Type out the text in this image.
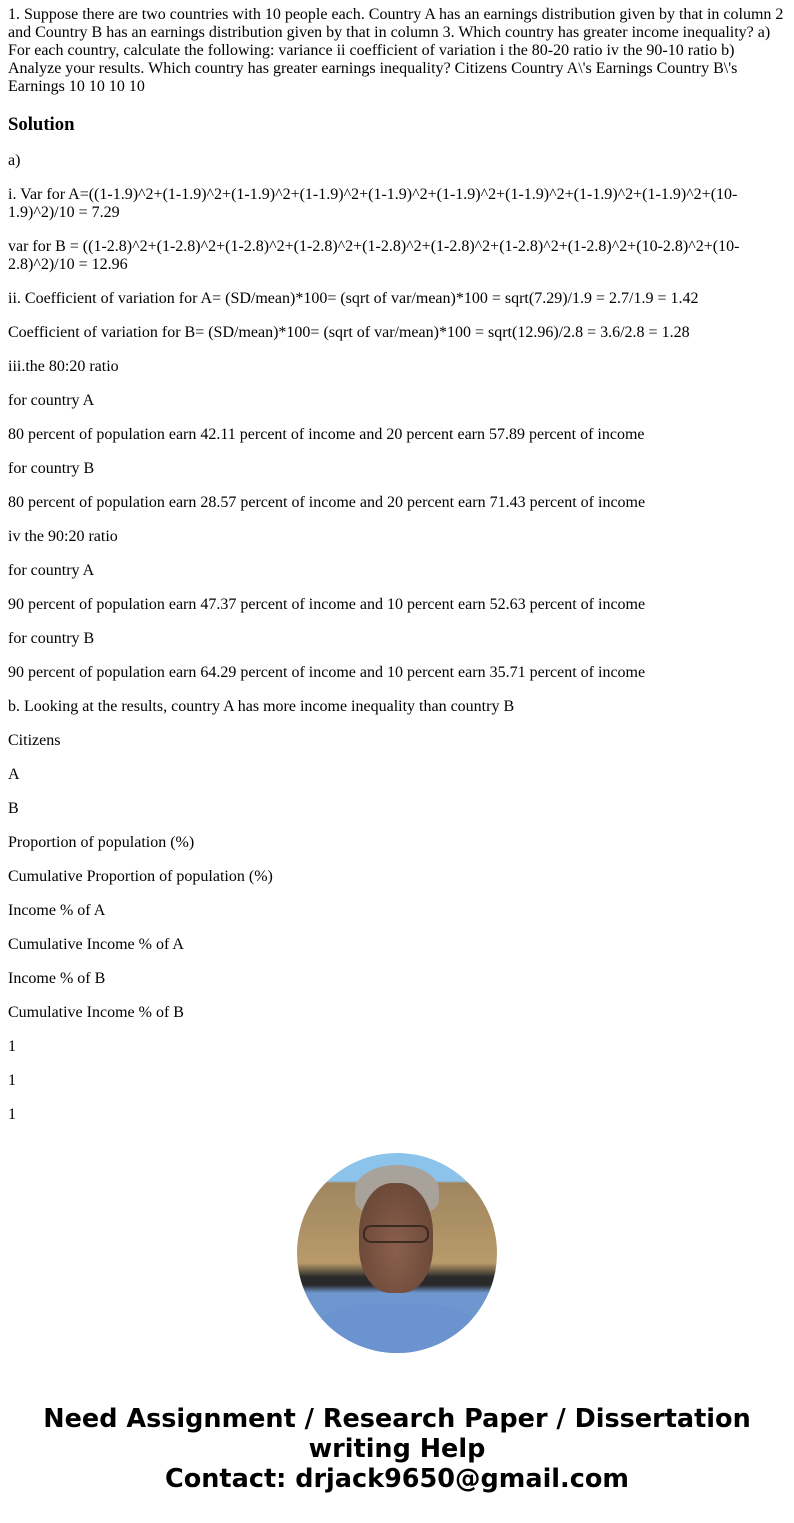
1. Suppose there are two countries with 10 people each. Country A has an earnings distribution given by that in column 2 and Country B has an earnings distribution given by that in column 3. Which country has greater income inequality? a) For each country, calculate the following: variance ii coefficient of variation i the 80-20 ratio iv the 90-10 ratio b) Analyze your results. Which country has greater earnings inequality? Citizens Country A\'s Earnings Country B\'s Earnings 10 10 10 10

Solution

a)

i. Var for A=((1-1.9)^2+(1-1.9)^2+(1-1.9)^2+(1-1.9)^2+(1-1.9)^2+(1-1.9)^2+(1-1.9)^2+(1-1.9)^2+(1-1.9)^2+(10-1.9)^2)/10 = 7.29

var for B = ((1-2.8)^2+(1-2.8)^2+(1-2.8)^2+(1-2.8)^2+(1-2.8)^2+(1-2.8)^2+(1-2.8)^2+(1-2.8)^2+(10-2.8)^2+(10-2.8)^2)/10 = 12.96

ii. Coefficient of variation for A= (SD/mean)*100= (sqrt of var/mean)*100 = sqrt(7.29)/1.9 = 2.7/1.9 = 1.42

Coefficient of variation for B= (SD/mean)*100= (sqrt of var/mean)*100 = sqrt(12.96)/2.8 = 3.6/2.8 = 1.28

iii.the 80:20 ratio

for country A

80 percent of population earn 42.11 percent of income and 20 percent earn 57.89 percent of income

for country B

80 percent of population earn 28.57 percent of income and 20 percent earn 71.43 percent of income

iv the 90:20 ratio

for country A

90 percent of population earn 47.37 percent of income and 10 percent earn 52.63 percent of income

for country B

90 percent of population earn 64.29 percent of income and 10 percent earn 35.71 percent of income

b. Looking at the results, country A has more income inequality than country B

Citizens

A

B

Proportion of population (%)

Cumulative Proportion of population (%)

Income % of A

Cumulative Income % of A

Income % of B

Cumulative Income % of B

1

1

1

Need Assignment / Research Paper / Dissertation
writing Help
Contact: drjack9650@gmail.com
